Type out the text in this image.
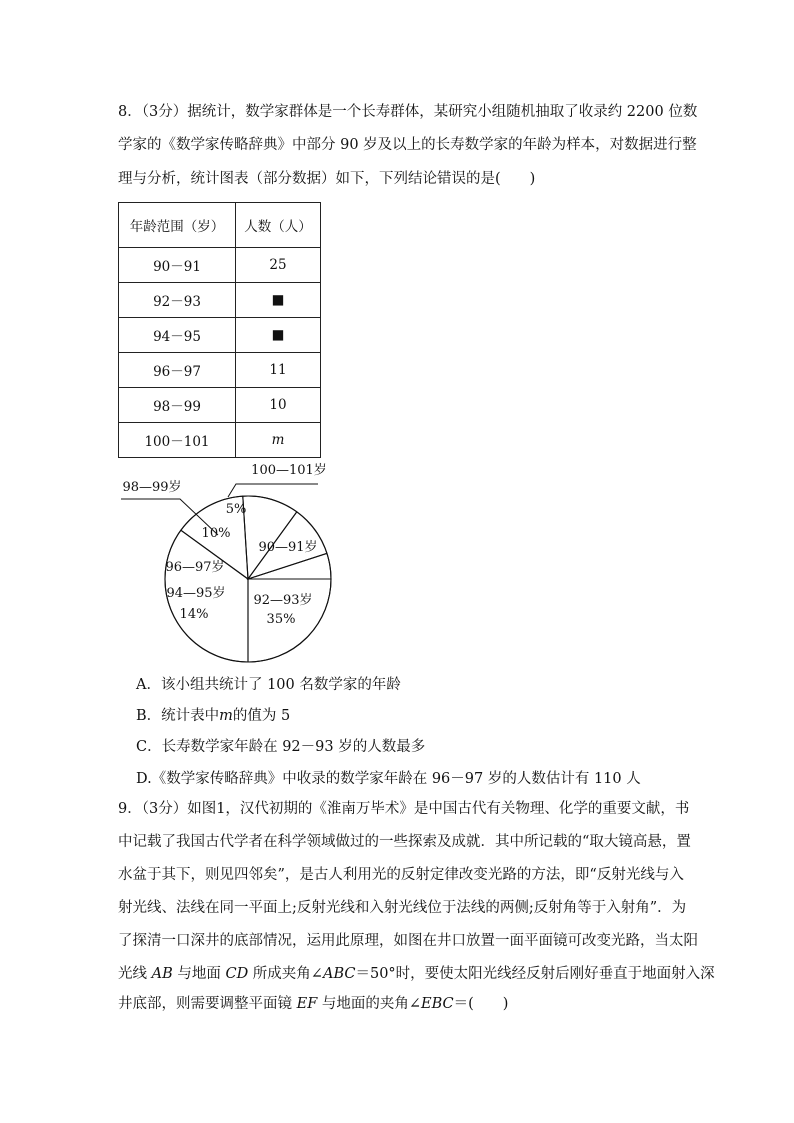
8．（3分）据统计，数学家群体是一个长寿群体，某研究小组随机抽取了收录约 2200 位数
学家的《数学家传略辞典》中部分 90 岁及以上的长寿数学家的年龄为样本，对数据进行整
理与分析，统计图表（部分数据）如下，下列结论错误的是(　　)
年龄范围（岁）	人数（人）
90－91	25
92－93	■
94－95	■
96－97	11
98－99	10
100－101	m
90—91岁
92—93岁
35%
94—95岁
14%
96—97岁
98—99岁
10%
100—101岁
5%
A．该小组共统计了 100 名数学家的年龄
B．统计表中m的值为 5
C．长寿数学家年龄在 92－93 岁的人数最多
D.《数学家传略辞典》中收录的数学家年龄在 96－97 岁的人数估计有 110 人
9．（3分）如图1，汉代初期的《淮南万毕术》是中国古代有关物理、化学的重要文献，书
中记载了我国古代学者在科学领域做过的一些探索及成就．其中所记载的“取大镜高悬，置
水盆于其下，则见四邻矣”，是古人利用光的反射定律改变光路的方法，即“反射光线与入
射光线、法线在同一平面上;反射光线和入射光线位于法线的两侧;反射角等于入射角”．为
了探清一口深井的底部情况，运用此原理，如图在井口放置一面平面镜可改变光路，当太阳
光线 AB 与地面 CD 所成夹角∠ABC＝50°时，要使太阳光线经反射后刚好垂直于地面射入深
井底部，则需要调整平面镜 EF 与地面的夹角∠EBC＝(　　)
